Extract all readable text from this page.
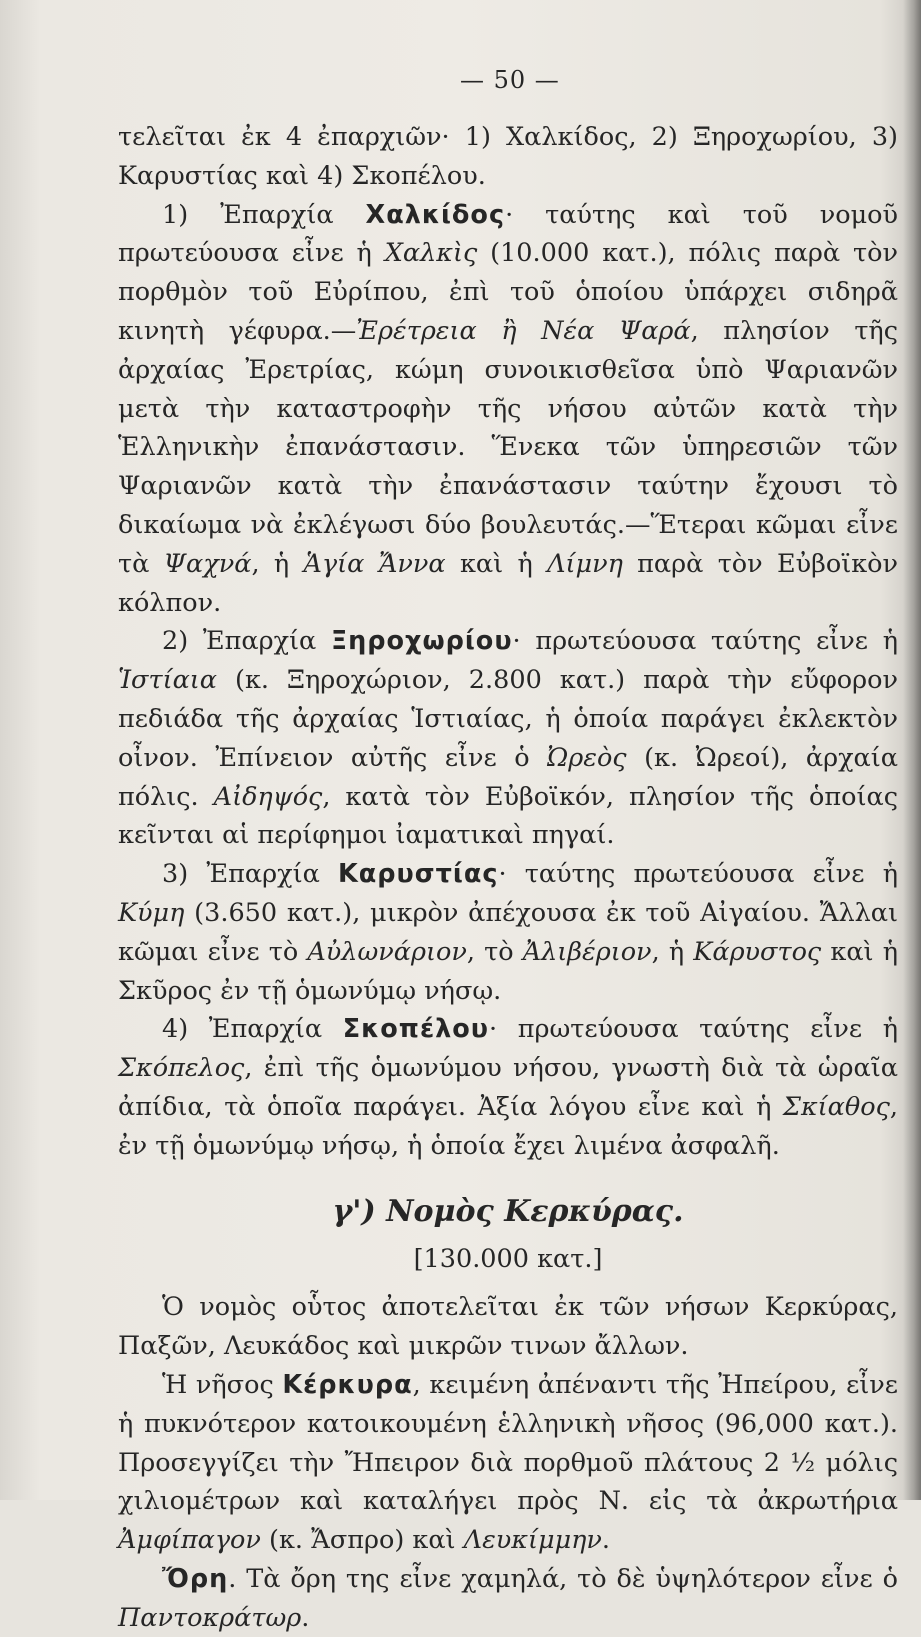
— 50 —

τελεῖται ἐκ 4 ἐπαρχιῶν· 1) Χαλκίδος, 2) Ξηροχωρίου, 3) Καρυστίας καὶ 4) Σκοπέλου.

1) Ἐπαρχία Χαλκίδος· ταύτης καὶ τοῦ νομοῦ πρωτεύουσα εἶνε ἡ Χαλκὶς (10.000 κατ.), πόλις παρὰ τὸν πορθμὸν τοῦ Εὐρίπου, ἐπὶ τοῦ ὁποίου ὑπάρχει σιδηρᾶ κινητὴ γέφυρα.—Ἐρέτρεια ἢ Νέα Ψαρά, πλησίον τῆς ἀρχαίας Ἐρετρίας, κώμη συνοικισθεῖσα ὑπὸ Ψαριανῶν μετὰ τὴν καταστροφὴν τῆς νήσου αὐτῶν κατὰ τὴν Ἑλληνικὴν ἐπανάστασιν. Ἕνεκα τῶν ὑπηρεσιῶν τῶν Ψαριανῶν κατὰ τὴν ἐπανάστασιν ταύτην ἔχουσι τὸ δικαίωμα νὰ ἐκλέγωσι δύο βουλευτάς.—Ἕτεραι κῶμαι εἶνε τὰ Ψαχνά, ἡ Ἁγία Ἄννα καὶ ἡ Λίμνη παρὰ τὸν Εὐβοϊκὸν κόλπον.

2) Ἐπαρχία Ξηροχωρίου· πρωτεύουσα ταύτης εἶνε ἡ Ἱστίαια (κ. Ξηροχώριον, 2.800 κατ.) παρὰ τὴν εὔφορον πεδιάδα τῆς ἀρχαίας Ἱστιαίας, ἡ ὁποία παράγει ἐκλεκτὸν οἶνον. Ἐπίνειον αὐτῆς εἶνε ὁ Ὠρεὸς (κ. Ὠρεοί), ἀρχαία πόλις. Αἰδηψός, κατὰ τὸν Εὐβοϊκόν, πλησίον τῆς ὁποίας κεῖνται αἱ περίφημοι ἰαματικαὶ πηγαί.

3) Ἐπαρχία Καρυστίας· ταύτης πρωτεύουσα εἶνε ἡ Κύμη (3.650 κατ.), μικρὸν ἀπέχουσα ἐκ τοῦ Αἰγαίου. Ἄλλαι κῶμαι εἶνε τὸ Αὐλωνάριον, τὸ Ἀλιβέριον, ἡ Κάρυστος καὶ ἡ Σκῦρος ἐν τῇ ὁμωνύμῳ νήσῳ.

4) Ἐπαρχία Σκοπέλου· πρωτεύουσα ταύτης εἶνε ἡ Σκόπελος, ἐπὶ τῆς ὁμωνύμου νήσου, γνωστὴ διὰ τὰ ὡραῖα ἀπίδια, τὰ ὁποῖα παράγει. Ἀξία λόγου εἶνε καὶ ἡ Σκίαθος, ἐν τῇ ὁμωνύμῳ νήσῳ, ἡ ὁποία ἔχει λιμένα ἀσφαλῆ.

γ') Νομὸς Κερκύρας.
[130.000 κατ.]

Ὁ νομὸς οὗτος ἀποτελεῖται ἐκ τῶν νήσων Κερκύρας, Παξῶν, Λευκάδος καὶ μικρῶν τινων ἄλλων.

Ἡ νῆσος Κέρκυρα, κειμένη ἀπέναντι τῆς Ἠπείρου, εἶνε ἡ πυκνότερον κατοικουμένη ἑλληνικὴ νῆσος (96,000 κατ.). Προσεγγίζει τὴν Ἤπειρον διὰ πορθμοῦ πλάτους 2 ½ μόλις χιλιομέτρων καὶ καταλήγει πρὸς Ν. εἰς τὰ ἀκρωτήρια Ἀμφίπαγον (κ. Ἄσπρο) καὶ Λευκίμμην.

Ὄρη. Τὰ ὄρη της εἶνε χαμηλά, τὸ δὲ ὑψηλότερον εἶνε ὁ Παντοκράτωρ.
